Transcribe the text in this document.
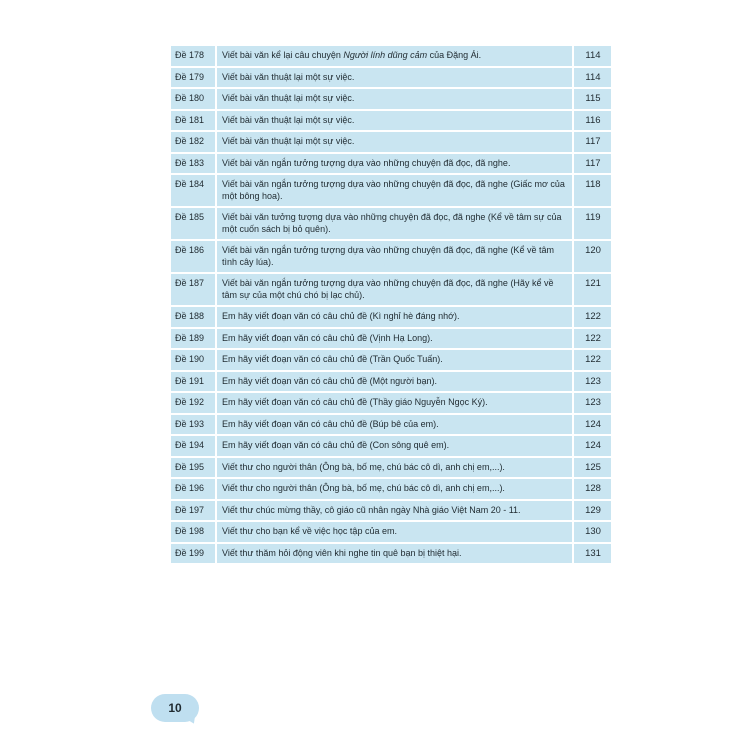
Đề 178	Viết bài văn kể lại câu chuyện Người lính dũng cảm của Đặng Ái.	114
Đề 179	Viết bài văn thuật lại một sự việc.	114
Đề 180	Viết bài văn thuật lại một sự việc.	115
Đề 181	Viết bài văn thuật lại một sự việc.	116
Đề 182	Viết bài văn thuật lại một sự việc.	117
Đề 183	Viết bài văn ngắn tưởng tượng dựa vào những chuyện đã đọc, đã nghe.	117
Đề 184	Viết bài văn ngắn tưởng tượng dựa vào những chuyện đã đọc, đã nghe (Giấc mơ của một bông hoa).	118
Đề 185	Viết bài văn tưởng tượng dựa vào những chuyện đã đọc, đã nghe (Kể về tâm sự của một cuốn sách bị bỏ quên).	119
Đề 186	Viết bài văn ngắn tưởng tượng dựa vào những chuyện đã đọc, đã nghe (Kể về tâm tình cây lúa).	120
Đề 187	Viết bài văn ngắn tưởng tượng dựa vào những chuyện đã đọc, đã nghe (Hãy kể về tâm sự của một chú chó bị lạc chủ).	121
Đề 188	Em hãy viết đoạn văn có câu chủ đề (Kì nghỉ hè đáng nhớ).	122
Đề 189	Em hãy viết đoạn văn có câu chủ đề (Vịnh Hạ Long).	122
Đề 190	Em hãy viết đoạn văn có câu chủ đề (Trần Quốc Tuấn).	122
Đề 191	Em hãy viết đoạn văn có câu chủ đề (Một người bạn).	123
Đề 192	Em hãy viết đoạn văn có câu chủ đề (Thầy giáo Nguyễn Ngọc Ký).	123
Đề 193	Em hãy viết đoạn văn có câu chủ đề (Búp bê của em).	124
Đề 194	Em hãy viết đoạn văn có câu chủ đề (Con sông quê em).	124
Đề 195	Viết thư cho người thân (Ông bà, bố mẹ, chú bác cô dì, anh chị em,...).	125
Đề 196	Viết thư cho người thân (Ông bà, bố mẹ, chú bác cô dì, anh chị em,...).	128
Đề 197	Viết thư chúc mừng thầy, cô giáo cũ nhân ngày Nhà giáo Việt Nam 20 - 11.	129
Đề 198	Viết thư cho bạn kể về việc học tập của em.	130
Đề 199	Viết thư thăm hỏi động viên khi nghe tin quê bạn bị thiệt hại.	131
10
